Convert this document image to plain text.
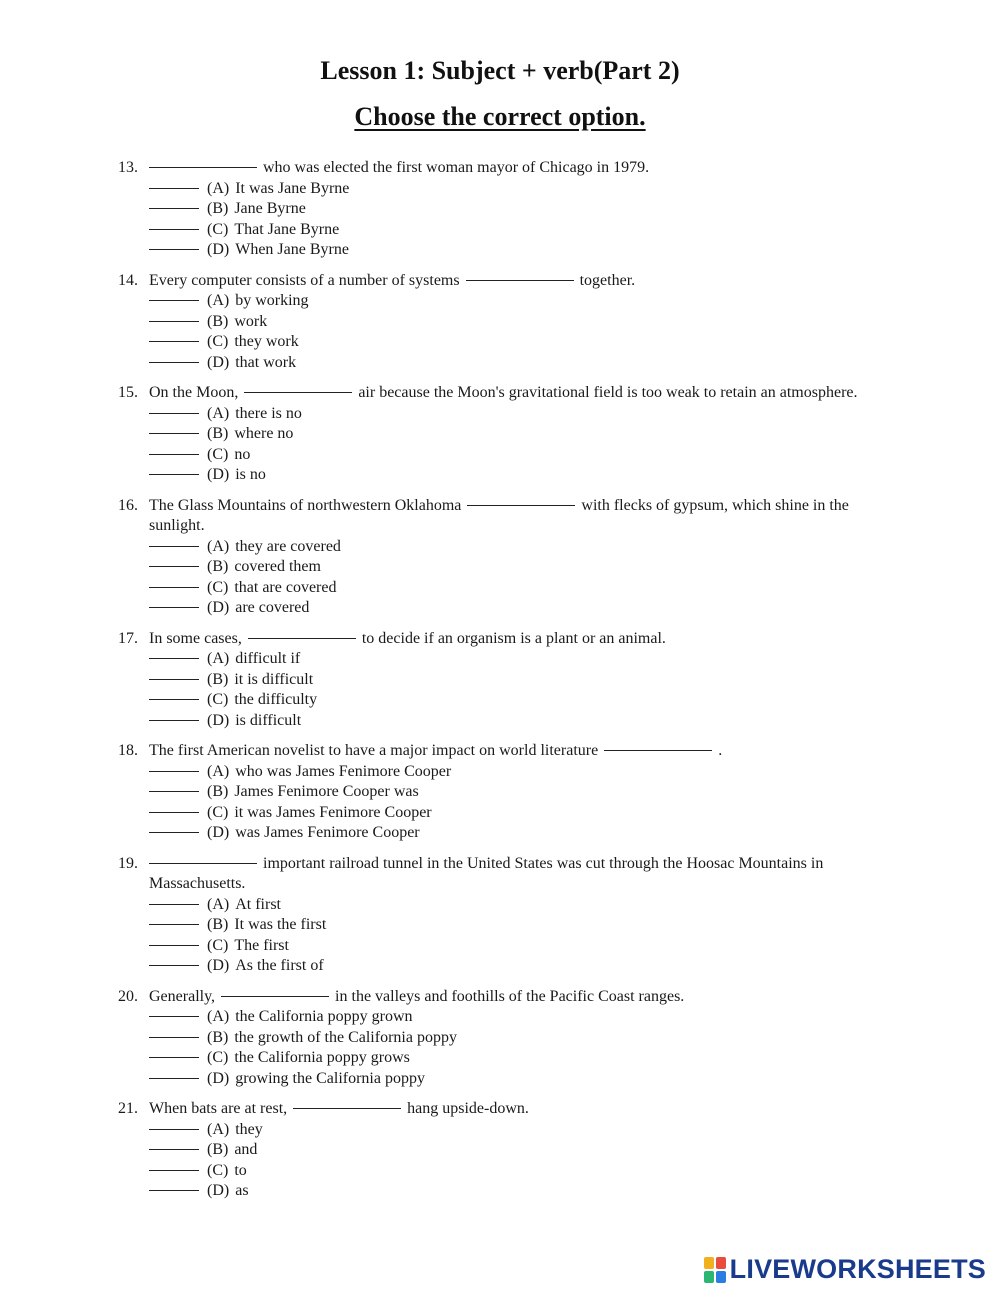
Lesson 1: Subject + verb(Part 2)
Choose the correct option.
13.	who was elected the first woman mayor of Chicago in 1979.
(A) It was Jane Byrne
(B) Jane Byrne
(C) That Jane Byrne
(D) When Jane Byrne
14. Every computer consists of a number of systems	together.
(A) by working
(B) work
(C) they work
(D) that work
15. On the Moon,	air because the Moon's gravitational field is too weak to retain an atmosphere.
(A) there is no
(B) where no
(C) no
(D) is no
16. The Glass Mountains of northwestern Oklahoma	with flecks of gypsum, which shine in the sunlight.
(A) they are covered
(B) covered them
(C) that are covered
(D) are covered
17. In some cases,	to decide if an organism is a plant or an animal.
(A) difficult if
(B) it is difficult
(C) the difficulty
(D) is difficult
18. The first American novelist to have a major impact on world literature	.
(A) who was James Fenimore Cooper
(B) James Fenimore Cooper was
(C) it was James Fenimore Cooper
(D) was James Fenimore Cooper
19.	important railroad tunnel in the United States was cut through the Hoosac Mountains in Massachusetts.
(A) At first
(B) It was the first
(C) The first
(D) As the first of
20. Generally,	in the valleys and foothills of the Pacific Coast ranges.
(A) the California poppy grown
(B) the growth of the California poppy
(C) the California poppy grows
(D) growing the California poppy
21. When bats are at rest,	hang upside-down.
(A) they
(B) and
(C) to
(D) as
LIVEWORKSHEETS
